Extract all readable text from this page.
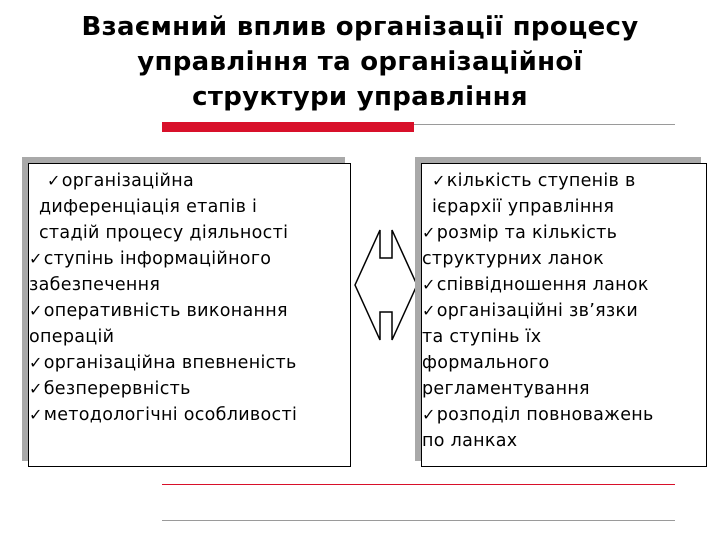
Взаємний вплив організації процесу
управління та організаційної
структури управління
✓організаційна
диференціація етапів і
стадій процесу діяльності
✓ступінь інформаційного
забезпечення
✓оперативність виконання
операцій
✓організаційна впевненість
✓безперервність
✓методологічні особливості
✓кількість ступенів в
ієрархії управління
✓розмір та кількість
структурних ланок
✓співвідношення ланок
✓організаційні зв’язки
та ступінь їх
формального
регламентування
✓розподіл повноважень
по ланках
